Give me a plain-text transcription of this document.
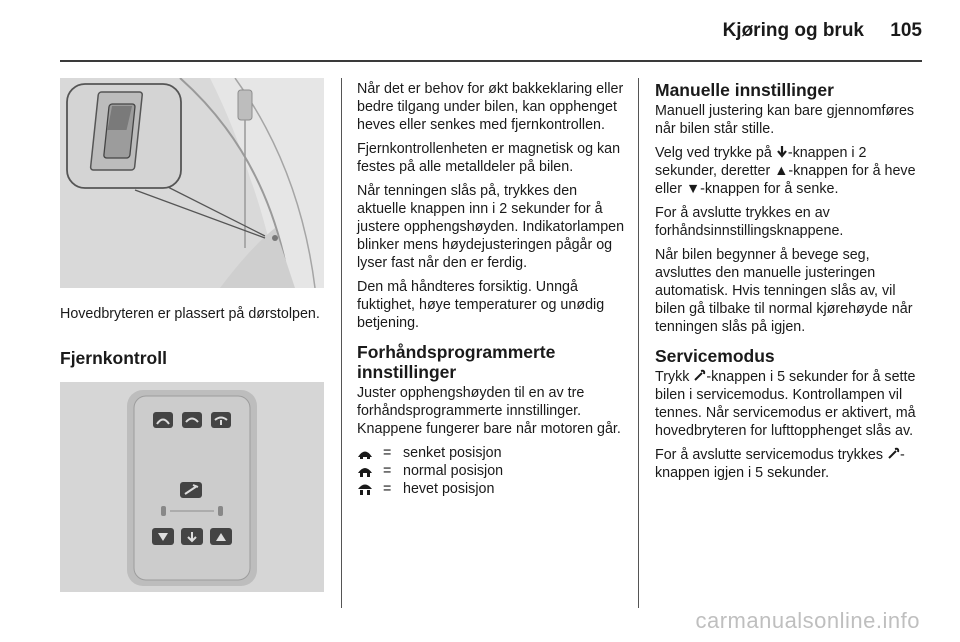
Kjøring og bruk 105
Hovedbryteren er plassert på dørstolpen.
Fjernkontroll

Når det er behov for økt bakkeklaring eller bedre tilgang under bilen, kan opphenget heves eller senkes med fjernkontrollen.

Fjernkontrollenheten er magnetisk og kan festes på alle metalldeler på bilen.

Når tenningen slås på, trykkes den aktuelle knappen inn i 2 sekunder for å justere opphengshøyden. Indikatorlampen blinker mens høydejusteringen pågår og lyser fast når den er ferdig.

Den må håndteres forsiktig. Unngå fuktighet, høye temperaturer og unødig betjening.

Forhåndsprogrammerte innstillinger

Juster opphengshøyden til en av tre forhåndsprogrammerte innstillinger. Knappene fungerer bare når motoren går.

= senket posisjon
= normal posisjon
= hevet posisjon
Manuelle innstillinger

Manuell justering kan bare gjennomføres når bilen står stille.

Velg ved trykke på -knappen i 2 sekunder, deretter ▲-knappen for å heve eller ▼-knappen for å senke.

For å avslutte trykkes en av forhåndsinnstillingsknappene.

Når bilen begynner å bevege seg, avsluttes den manuelle justeringen automatisk. Hvis tenningen slås av, vil bilen gå tilbake til normal kjørehøyde når tenningen slås på igjen.

Servicemodus

Trykk -knappen i 5 sekunder for å sette bilen i servicemodus. Kontrollampen vil tennes. Når servicemodus er aktivert, må hovedbryteren for lufttopphenget slås av.

For å avslutte servicemodus trykkes -knappen igjen i 5 sekunder.

carmanualsonline.info
